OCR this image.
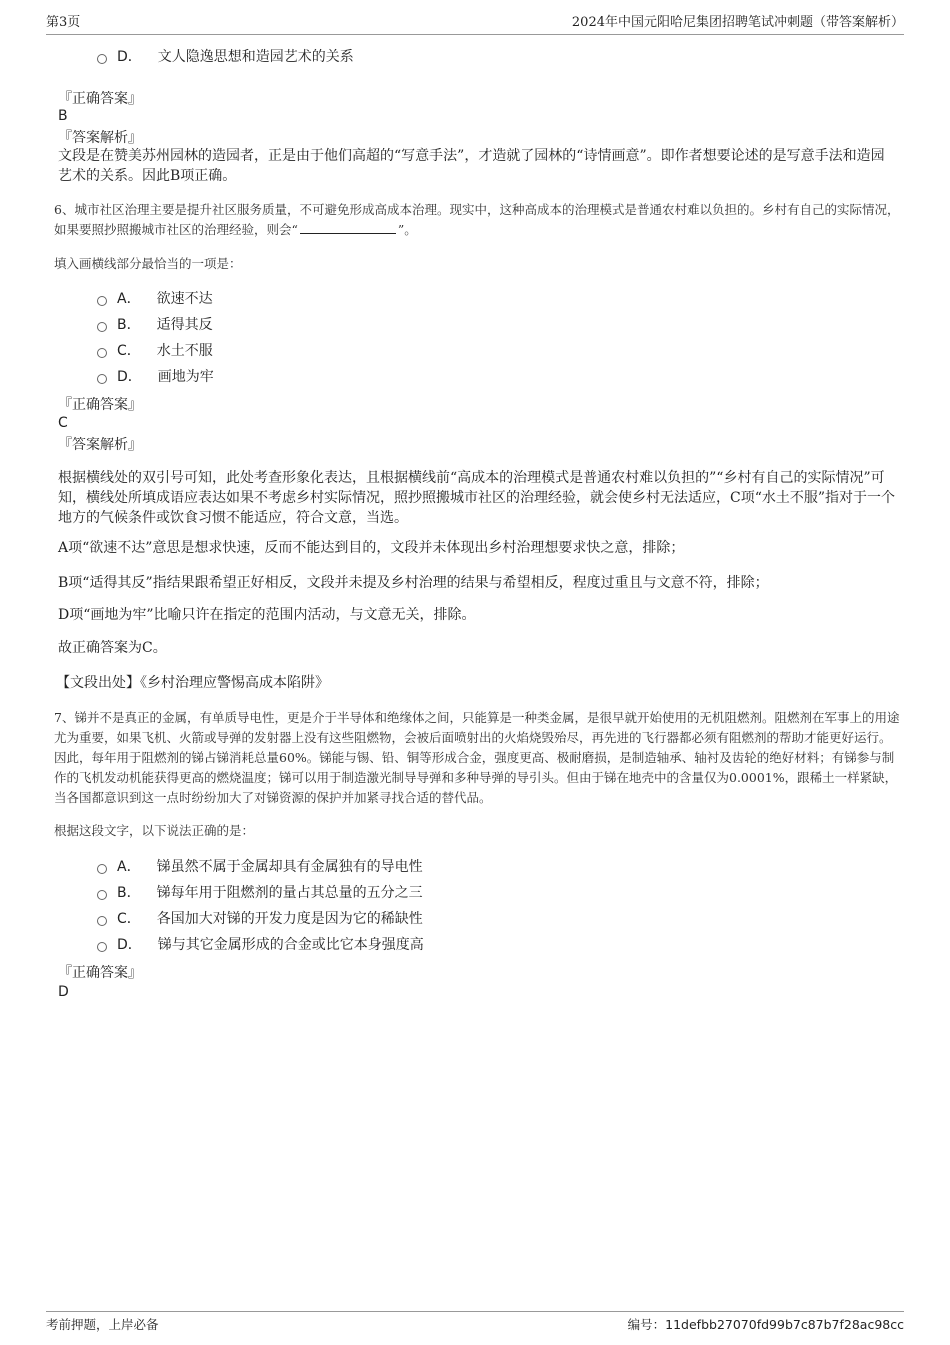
第3页	2024年中国元阳哈尼集团招聘笔试冲刺题（带答案解析）
D． 文人隐逸思想和造园艺术的关系
『正确答案』
B
『答案解析』
文段是在赞美苏州园林的造园者，正是由于他们高超的“写意手法”，才造就了园林的“诗情画意”。即作者想要论述的是写意手法和造园艺术的关系。因此B项正确。
6、城市社区治理主要是提升社区服务质量，不可避免形成高成本治理。现实中，这种高成本的治理模式是普通农村难以负担的。乡村有自己的实际情况，如果要照抄照搬城市社区的治理经验，则会“	”。
填入画横线部分最恰当的一项是：
A． 欲速不达
B． 适得其反
C． 水土不服
D． 画地为牢
『正确答案』
C
『答案解析』
根据横线处的双引号可知，此处考查形象化表达，且根据横线前“高成本的治理模式是普通农村难以负担的”“乡村有自己的实际情况”可知，横线处所填成语应表达如果不考虑乡村实际情况，照抄照搬城市社区的治理经验，就会使乡村无法适应，C项“水土不服”指对于一个地方的气候条件或饮食习惯不能适应，符合文意，当选。
A项“欲速不达”意思是想求快速，反而不能达到目的，文段并未体现出乡村治理想要求快之意，排除；
B项“适得其反”指结果跟希望正好相反，文段并未提及乡村治理的结果与希望相反，程度过重且与文意不符，排除；
D项“画地为牢”比喻只许在指定的范围内活动，与文意无关，排除。
故正确答案为C。
【文段出处】《乡村治理应警惕高成本陷阱》
7、锑并不是真正的金属，有单质导电性，更是介于半导体和绝缘体之间，只能算是一种类金属，是很早就开始使用的无机阻燃剂。阻燃剂在军事上的用途尤为重要，如果飞机、火箭或导弹的发射器上没有这些阻燃物，会被后面喷射出的火焰烧毁殆尽，再先进的飞行器都必须有阻燃剂的帮助才能更好运行。因此，每年用于阻燃剂的锑占锑消耗总量60%。锑能与锡、铅、铜等形成合金，强度更高、极耐磨损，是制造轴承、轴衬及齿轮的绝好材料；有锑参与制作的飞机发动机能获得更高的燃烧温度；锑可以用于制造激光制导导弹和多种导弹的导引头。但由于锑在地壳中的含量仅为0.0001%，跟稀土一样紧缺，当各国都意识到这一点时纷纷加大了对锑资源的保护并加紧寻找合适的替代品。
根据这段文字，以下说法正确的是：
A． 锑虽然不属于金属却具有金属独有的导电性
B． 锑每年用于阻燃剂的量占其总量的五分之三
C． 各国加大对锑的开发力度是因为它的稀缺性
D． 锑与其它金属形成的合金或比它本身强度高
『正确答案』
D
考前押题，上岸必备	编号：11defbb27070fd99b7c87b7f28ac98cc
